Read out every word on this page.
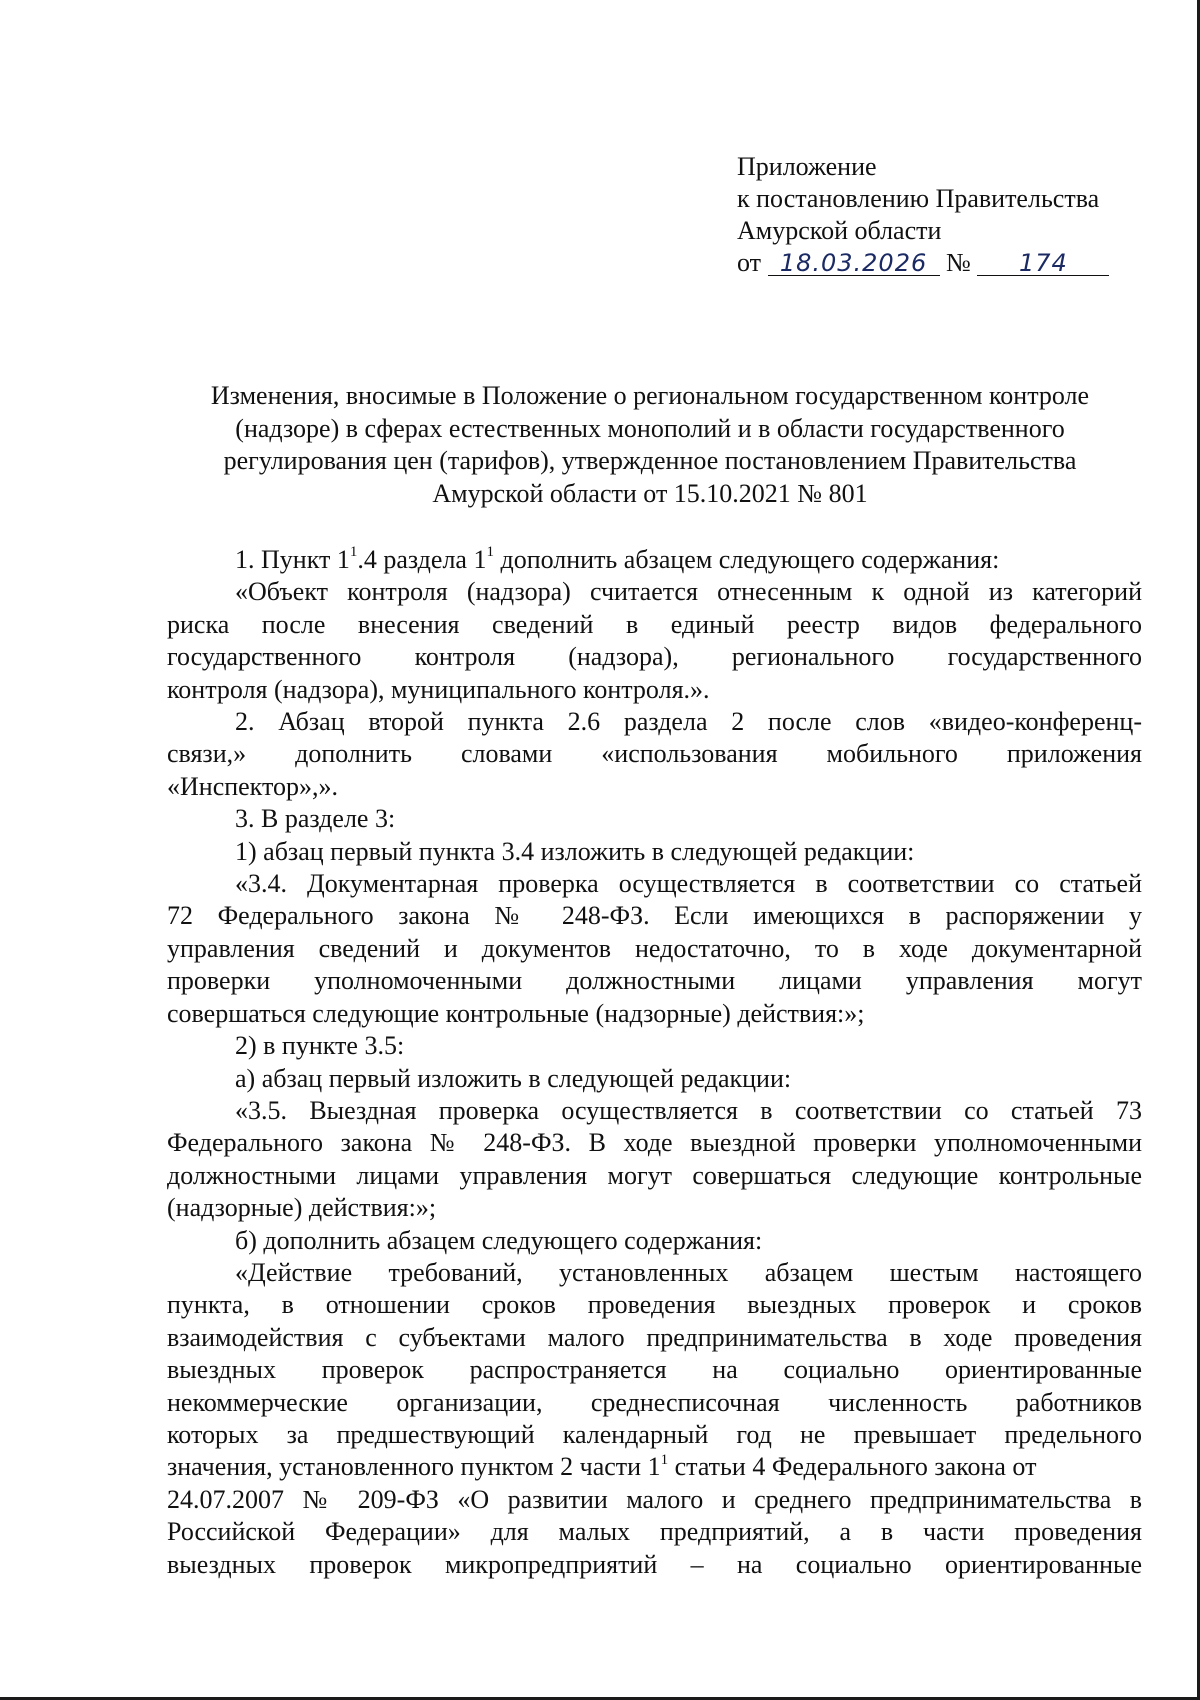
Приложение
к постановлению Правительства
Амурской области
от 18.03.2026 № 174
Изменения, вносимые в Положение о региональном государственном контроле
(надзоре) в сферах естественных монополий и в области государственного
регулирования цен (тарифов), утвержденное постановлением Правительства
Амурской области от 15.10.2021 № 801
1. Пункт $1^1.4$ раздела $1^1$ дополнить абзацем следующего содержания:
«Объект контроля (надзора) считается отнесенным к одной из категорий
риска после внесения сведений в единый реестр видов федерального
государственного контроля (надзора), регионального государственного
контроля (надзора), муниципального контроля.».
2. Абзац второй пункта 2.6 раздела 2 после слов «видео-конференц-
связи,» дополнить словами «использования мобильного приложения
«Инспектор»,».
3. В разделе 3:
1) абзац первый пункта 3.4 изложить в следующей редакции:
«3.4. Документарная проверка осуществляется в соответствии со статьей
72 Федерального закона № 248-ФЗ. Если имеющихся в распоряжении у
управления сведений и документов недостаточно, то в ходе документарной
проверки уполномоченными должностными лицами управления могут
совершаться следующие контрольные (надзорные) действия:»;
2) в пункте 3.5:
а) абзац первый изложить в следующей редакции:
«3.5. Выездная проверка осуществляется в соответствии со статьей 73
Федерального закона № 248-ФЗ. В ходе выездной проверки уполномоченными
должностными лицами управления могут совершаться следующие контрольные
(надзорные) действия:»;
б) дополнить абзацем следующего содержания:
«Действие требований, установленных абзацем шестым настоящего
пункта, в отношении сроков проведения выездных проверок и сроков
взаимодействия с субъектами малого предпринимательства в ходе проведения
выездных проверок распространяется на социально ориентированные
некоммерческие организации, среднесписочная численность работников
которых за предшествующий календарный год не превышает предельного
значения, установленного пунктом 2 части $1^1$ статьи 4 Федерального закона от
24.07.2007 № 209-ФЗ «О развитии малого и среднего предпринимательства в
Российской Федерации» для малых предприятий, а в части проведения
выездных проверок микропредприятий – на социально ориентированные
